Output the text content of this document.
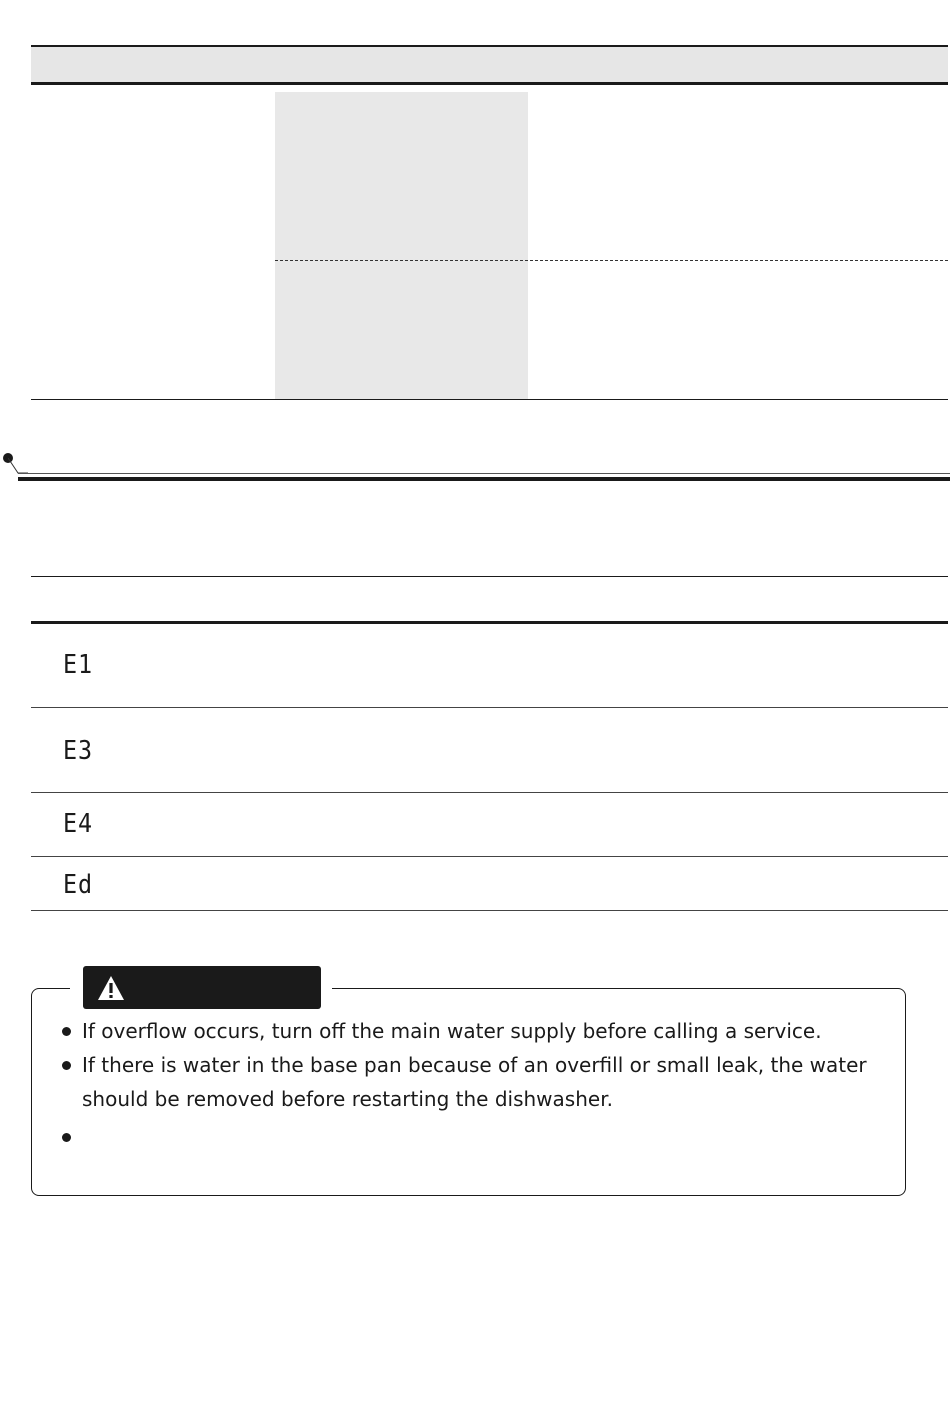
E1
E3
E4
Ed
If overflow occurs, turn off the main water supply before calling a service.
If there is water in the base pan because of an overfill or small leak, the water should be removed before restarting the dishwasher.
